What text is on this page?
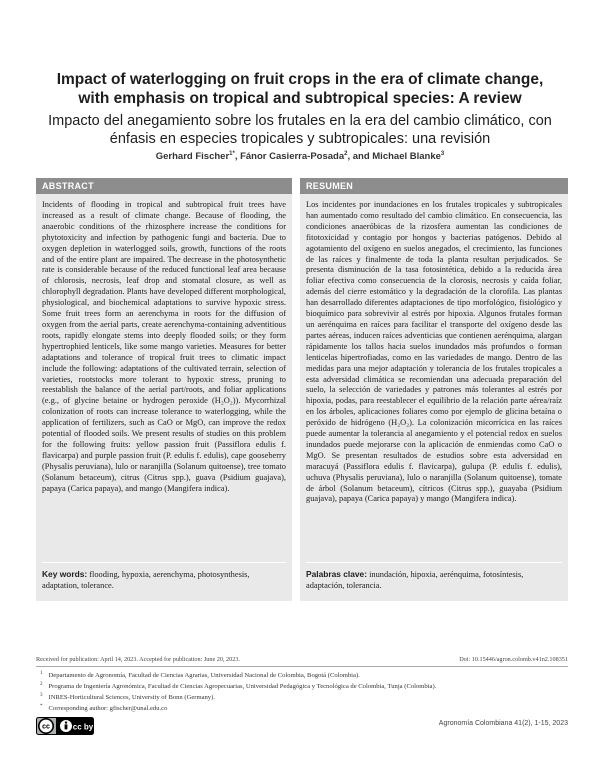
Impact of waterlogging on fruit crops in the era of climate change, with emphasis on tropical and subtropical species: A review
Impacto del anegamiento sobre los frutales en la era del cambio climático, con énfasis en especies tropicales y subtropicales: una revisión
Gerhard Fischer$^{1*}$, Fánor Casierra-Posada$^2$, and Michael Blanke$^3$
ABSTRACT

Incidents of flooding in tropical and subtropical fruit trees have increased as a result of climate change. Because of flooding, the anaerobic conditions of the rhizosphere increase the conditions for phytotoxicity and infection by pathogenic fungi and bacteria. Due to oxygen depletion in waterlogged soils, growth, functions of the roots and of the entire plant are impaired. The decrease in the photosynthetic rate is considerable because of the reduced functional leaf area because of chlorosis, necrosis, leaf drop and stomatal closure, as well as chlorophyll degradation. Plants have developed different morphological, physiological, and biochemical adaptations to survive hypoxic stress. Some fruit trees form an aerenchyma in roots for the diffusion of oxygen from the aerial parts, create aerenchyma-containing adventitious roots, rapidly elongate stems into deeply flooded soils; or they form hypertrophied lenticels, like some mango varieties. Measures for better adaptations and tolerance of tropical fruit trees to climatic impact include the following: adaptations of the cultivated terrain, selection of varieties, rootstocks more tolerant to hypoxic stress, pruning to reestablish the balance of the aerial part/roots, and foliar applications (e.g., of glycine betaine or hydrogen peroxide (H₂O₂)). Mycorrhizal colonization of roots can increase tolerance to waterlogging, while the application of fertilizers, such as CaO or MgO, can improve the redox potential of flooded soils. We present results of studies on this problem for the following fruits: yellow passion fruit (Passiflora edulis f. flavicarpa) and purple passion fruit (P. edulis f. edulis), cape gooseberry (Physalis peruviana), lulo or naranjilla (Solanum quitoense), tree tomato (Solanum betaceum), citrus (Citrus spp.), guava (Psidium guajava), papaya (Carica papaya), and mango (Mangifera indica).

Key words: flooding, hypoxia, aerenchyma, photosynthesis, adaptation, tolerance.
RESUMEN

Los incidentes por inundaciones en los frutales tropicales y subtropicales han aumentado como resultado del cambio climático. En consecuencia, las condiciones anaeróbicas de la rizosfera aumentan las condiciones de fitotoxicidad y contagio por hongos y bacterias patógenos. Debido al agotamiento del oxígeno en suelos anegados, el crecimiento, las funciones de las raíces y finalmente de toda la planta resultan perjudicados. Se presenta disminución de la tasa fotosintética, debido a la reducida área foliar efectiva como consecuencia de la clorosis, necrosis y caída foliar, además del cierre estomático y la degradación de la clorofila. Las plantas han desarrollado diferentes adaptaciones de tipo morfológico, fisiológico y bioquímico para sobrevivir al estrés por hipoxia. Algunos frutales forman un aerénquima en raíces para facilitar el transporte del oxígeno desde las partes aéreas, inducen raíces adventicias que contienen aerénquima, alargan rápidamente los tallos hacia suelos inundados más profundos o forman lenticelas hipertrofiadas, como en las variedades de mango. Dentro de las medidas para una mejor adaptación y tolerancia de los frutales tropicales a esta adversidad climática se recomiendan una adecuada preparación del suelo, la selección de variedades y patrones más tolerantes al estrés por hipoxia, podas, para reestablecer el equilibrio de la relación parte aérea/raíz en los árboles, aplicaciones foliares como por ejemplo de glicina betaína o peróxido de hidrógeno (H₂O₂). La colonización micorrícica en las raíces puede aumentar la tolerancia al anegamiento y el potencial redox en suelos inundados puede mejorarse con la aplicación de enmiendas como CaO o MgO. Se presentan resultados de estudios sobre esta adversidad en maracuyá (Passiflora edulis f. flavicarpa), gulupa (P. edulis f. edulis), uchuva (Physalis peruviana), lulo o naranjilla (Solanum quitoense), tomate de árbol (Solanum betaceum), cítricos (Citrus spp.), guayaba (Psidium guajava), papaya (Carica papaya) y mango (Mangifera indica).

Palabras clave: inundación, hipoxia, aerénquima, fotosíntesis, adaptación, tolerancia.
Received for publication: April 14, 2023. Accepted for publication: June 20, 2023.	Doi: 10.15446/agron.colomb.v41n2.108351
$^1$ Departamento de Agronomía, Facultad de Ciencias Agrarias, Universidad Nacional de Colombia, Bogotá (Colombia).
$^2$ Programa de Ingeniería Agronómica, Facultad de Ciencias Agropecuarias, Universidad Pedagógica y Tecnológica de Colombia, Tunja (Colombia).
$^3$ INRES-Horticultural Sciences, University of Bonn (Germany).
* Corresponding author: gfischer@unal.edu.co
cc	cc by	Agronomía Colombiana 41(2), 1-15, 2023
